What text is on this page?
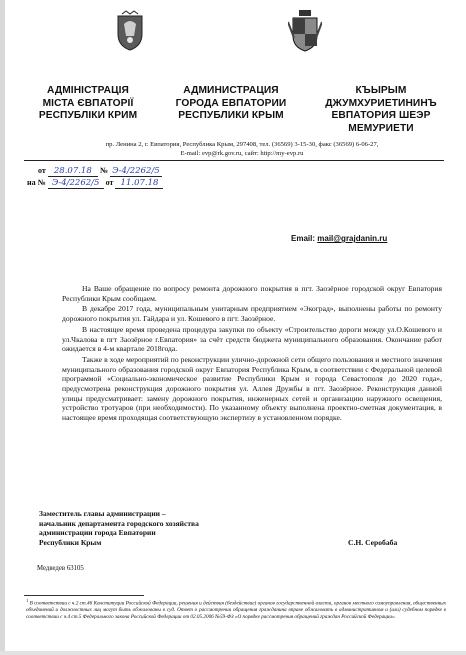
АДМІНІСТРАЦІЯ
МІСТА ЄВПАТОРІЇ
РЕСПУБЛІКИ КРИМ
АДМИНИСТРАЦИЯ
ГОРОДА ЕВПАТОРИИ
РЕСПУБЛИКИ КРЫМ
КЪЫРЫМ
ДЖУМХУРИЕТИНИНЪ
ЕВПАТОРИЯ ШЕЭР
МЕМУРИЕТИ
пр. Ленина 2, г. Евпатория, Республика Крым, 297408, тел. (36569) 3-15-30, факс (36569) 6-06-27,
E-mail: evp@rk.gov.ru, сайт: http://my-evp.ru
от 28.07.18 № Э-4/2262/5
на № Э-4/2262/5 от 11.07.18
Email: mail@grajdanin.ru

На Ваше обращение по вопросу ремонта дорожного покрытия в пгт. Заозёрное городской округ Евпатория Республики Крым сообщаем.

В декабре 2017 года, муниципальным унитарным предприятием «Экоград», выполнены работы по ремонту дорожного покрытия ул. Гайдара и ул. Кошевого в пгт. Заозёрное.

В настоящее время проведена процедура закупки по объекту «Строительство дороги между ул.О.Кошевого и ул.Чкалова в пгт Заозёрное г.Евпатория» за счёт средств бюджета муниципального образования. Окончание работ ожидается в 4-м квартале 2018года.

Также в ходе мероприятий по реконструкции улично-дорожной сети общего пользования и местного значения муниципального образования городской округ Евпатория Республика Крым, в соответствии с Федеральной целевой программой «Социально-экономическое развитие Республики Крым и города Севастополя до 2020 года», предусмотрена реконструкция дорожного покрытия ул. Аллея Дружбы в пгт. Заозёрное. Реконструкция данной улицы предусматривает: замену дорожного покрытия, инженерных сетей и организацию наружного освещения, устройство тротуаров (при необходимости). По указанному объекту выполнена проектно-сметная документация, в настоящее время проходящая соответствующую экспертизу в установленном порядке.

Заместитель главы администрации –
начальник департамента городского хозяйства
администрации города Евпатории
Республики Крым	С.Н. Серобаба
Медведев 63105
$^1$ В соответствии с ч.2 ст.46 Конституции Российской Федерации, решения и действия (бездействие) органов государственной власти, органов местного самоуправления, общественных объединений и должностных лиц могут быть обжалованы в суд. Ответ о рассмотрении обращения гражданина вправе обжаловать в административном и (или) судебном порядке в соответствии с ч.4 ст.5 Федерального закона Российской Федерации от 02.05.2006 №59-ФЗ «О порядке рассмотрения обращений граждан Российской Федерации».
